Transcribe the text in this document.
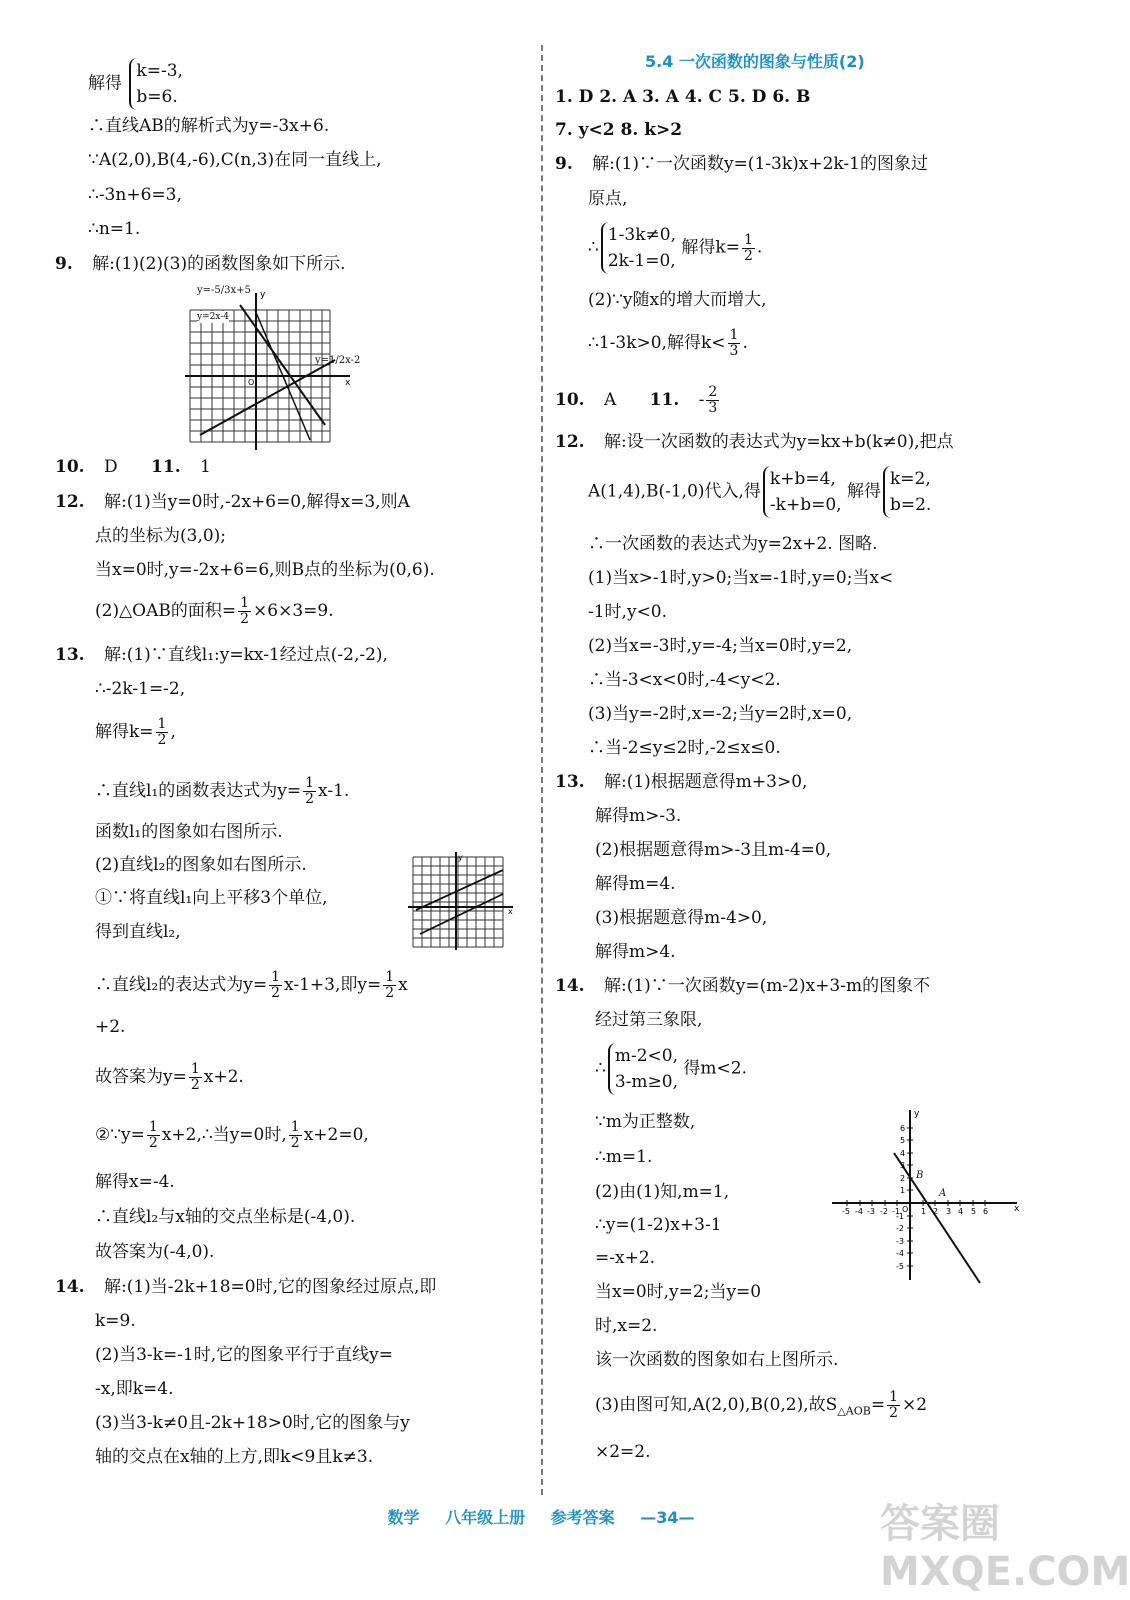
解得 k=-3,
b=6.
∴直线AB的解析式为y=-3x+6.
∵A(2,0),B(4,-6),C(n,3)在同一直线上,
∴-3n+6=3,
∴n=1.
9. 解:(1)(2)(3)的函数图象如下所示.
x
y
O
y=-5/3x+5
y=1/2x-2
y=2x-4
10. D 11. 1
12. 解:(1)当y=0时,-2x+6=0,解得x=3,则A
点的坐标为(3,0);
当x=0时,y=-2x+6=6,则B点的坐标为(0,6).
(2)△OAB的面积= $\frac{1}{2} \times 6\times 3=9$.
13. 解:(1)∵直线l₁:y=kx-1经过点(-2,-2),
∴-2k-1=-2,
解得$k= \frac{1}{2}$ ,
∴直线l₁的函数表达式为$y= \frac{1}{2} x-1$.
函数l₁的图象如右图所示.
(2)直线l₂的图象如右图所示.
①∵将直线l₁向上平移3个单位,
得到直线l₂,
x
y
∴直线l₂的表达式为$y= \frac{1}{2} x-1+3$,即$y= \frac{1}{2}$ x
+2.
故答案为$y= \frac{1}{2} x+2$.
②∵y= $\frac{1}{2}$ x+2,∴当y=0时, $\frac{1}{2} x+2=0$,
解得x=-4.
∴直线l₂与x轴的交点坐标是(-4,0).
故答案为(-4,0).
14. 解:(1)当-2k+18=0时,它的图象经过原点,即
k=9.
(2)当3-k=-1时,它的图象平行于直线y=
-x,即k=4.
(3)当3-k≠0且-2k+18>0时,它的图象与y
轴的交点在x轴的上方,即k<9且k≠3.
5.4 一次函数的图象与性质(2)
1. D 2. A 3. A 4. C 5. D 6. B
7. y<2 8. k>2
9. 解:(1)∵一次函数y=(1-3k)x+2k-1的图象过
原点,
∴1-3k≠0,
2k-1=0, 解得$k= \frac{1}{2}$ .
(2)∵y随x的增大而增大,
∴1-3k>0,解得$k< \frac{1}{3}$ .
10. A 11. - $\frac{2}{3}$
12. 解:设一次函数的表达式为y=kx+b(k≠0),把点
A(1,4),B(-1,0)代入,得k+b=4,
-k+b=0, 解得k=2,
b=2.
∴一次函数的表达式为y=2x+2. 图略.
(1)当x>-1时,y>0;当x=-1时,y=0;当x<
-1时,y<0.
(2)当x=-3时,y=-4;当x=0时,y=2,
∴当-3<x<0时,-4<y<2.
(3)当y=-2时,x=-2;当y=2时,x=0,
∴当-2≤y≤2时,-2≤x≤0.
13. 解:(1)根据题意得m+3>0,
解得m>-3.
(2)根据题意得m>-3且m-4=0,
解得m=4.
(3)根据题意得m-4>0,
解得m>4.
14. 解:(1)∵一次函数y=(m-2)x+3-m的图象不
经过第三象限,
∴m-2<0,
3-m≥0, 得m<2.
∵m为正整数,
∴m=1.
(2)由(1)知,m=1,
∴y=(1-2)x+3-1
=-x+2.
当x=0时,y=2;当y=0
时,x=2.
该一次函数的图象如右上图所示.
(3)由图可知,A(2,0),B(0,2),故$S_{\triangle AOB}= \frac{1}{2} \times 2$
×2=2.
x
y
O
-5 -4 -3 -2 -1	1 2 3 4 5 6
6
5
4
3
2
1
-1
-2
-3
-4
-5
B
A
数学 八年级上册 参考答案 —34—	答案圈 MXQE.COM
